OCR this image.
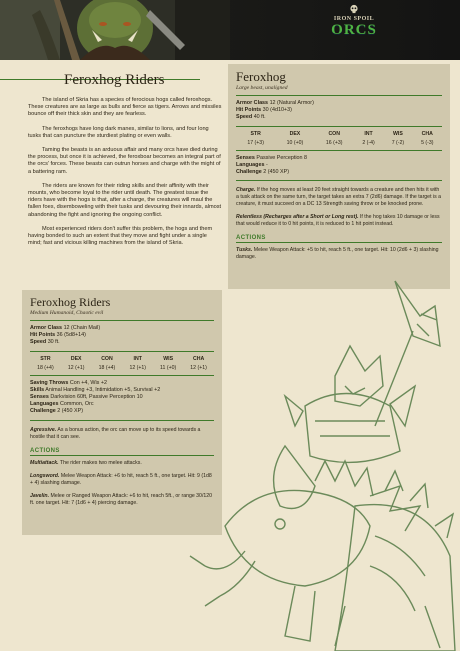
IRON SPOIL
ORCS
Feroxhog Riders

The island of Skria has a species of ferocious hogs called feroxhogs. These creatures are as large as bulls and fierce as tigers. Arrows and missiles bounce off their thick skin and they are fearless.

The feroxhogs have long dark manes, similar to lions, and four long tusks that can puncture the sturdiest plating or even walls.

Taming the beasts is an arduous affair and many orcs have died during the process, but once it is achieved, the feroxboar becomes an integral part of the orcs' forces. These beasts can outrun horses and charge with the might of a battering ram.

The riders are known for their riding skills and their affinity with their mounts, who become loyal to the rider until death. The greatest issue the riders have with the hogs is that, after a charge, the creatures will maul the fallen foes, disemboweling with their tusks and devouring their innards, almost abandoning the fight and ignoring the ongoing conflict.

Most experienced riders don't suffer this problem, the hogs and them having bonded to such an extent that they move and fight under a single mind; fast and vicious killing machines from the island of Skria.

Feroxhog
Large beast, unaligned
Armor Class 12 (Natural Armor)
Hit Points 30 (4d10+3)
Speed 40 ft.
STR	DEX	CON	INT	WIS	CHA
17 (+3)	10 (+0)	16 (+3)	2 (-4)	7 (-2)	5 (-3)
Senses Passive Perception 8
Languages -
Challenge 2 (450 XP)
Charge. If the hog moves at least 20 feet straight towards a creature and then hits it with a tusk attack on the same turn, the target takes an extra 7 (2d6) damage. If the target is a creature, it must succeed on a DC 13 Strength saving throw or be knocked prone.
Relentless (Recharges after a Short or Long rest). If the hog takes 10 damage or less that would reduce it to 0 hit points, it is reduced to 1 hit point instead.
ACTIONS
Tusks. Melee Weapon Attack: +5 to hit, reach 5 ft., one target. Hit: 10 (2d6 + 3) slashing damage.
Feroxhog Riders
Medium Humanoid, Chaotic evil
Armor Class 12 (Chain Mail)
Hit Points 36 (5d8+14)
Speed 30 ft.
STR	DEX	CON	INT	WIS	CHA
18 (+4)	12 (+1)	18 (+4)	12 (+1)	11 (+0)	12 (+1)
Saving Throws Con +4, Wis +2
Skills Animal Handling +3, Intimidation +5, Survival +2
Senses Darkvision 60ft, Passive Perception 10
Languages Common, Orc
Challenge 2 (450 XP)
Agressive. As a bonus action, the orc can move up to its speed towards a hostile that it can see.
ACTIONS
Multiattack. The rider makes two melee attacks.
Longsword. Melee Weapon Attack: +6 to hit, reach 5 ft., one target. Hit: 9 (1d8 + 4) slashing damage.
Javelin. Melee or Ranged Weapon Attack: +6 to hit, reach 5ft., or range 30/120 ft. one target. Hit: 7 (1d6 + 4) piercing damage.
